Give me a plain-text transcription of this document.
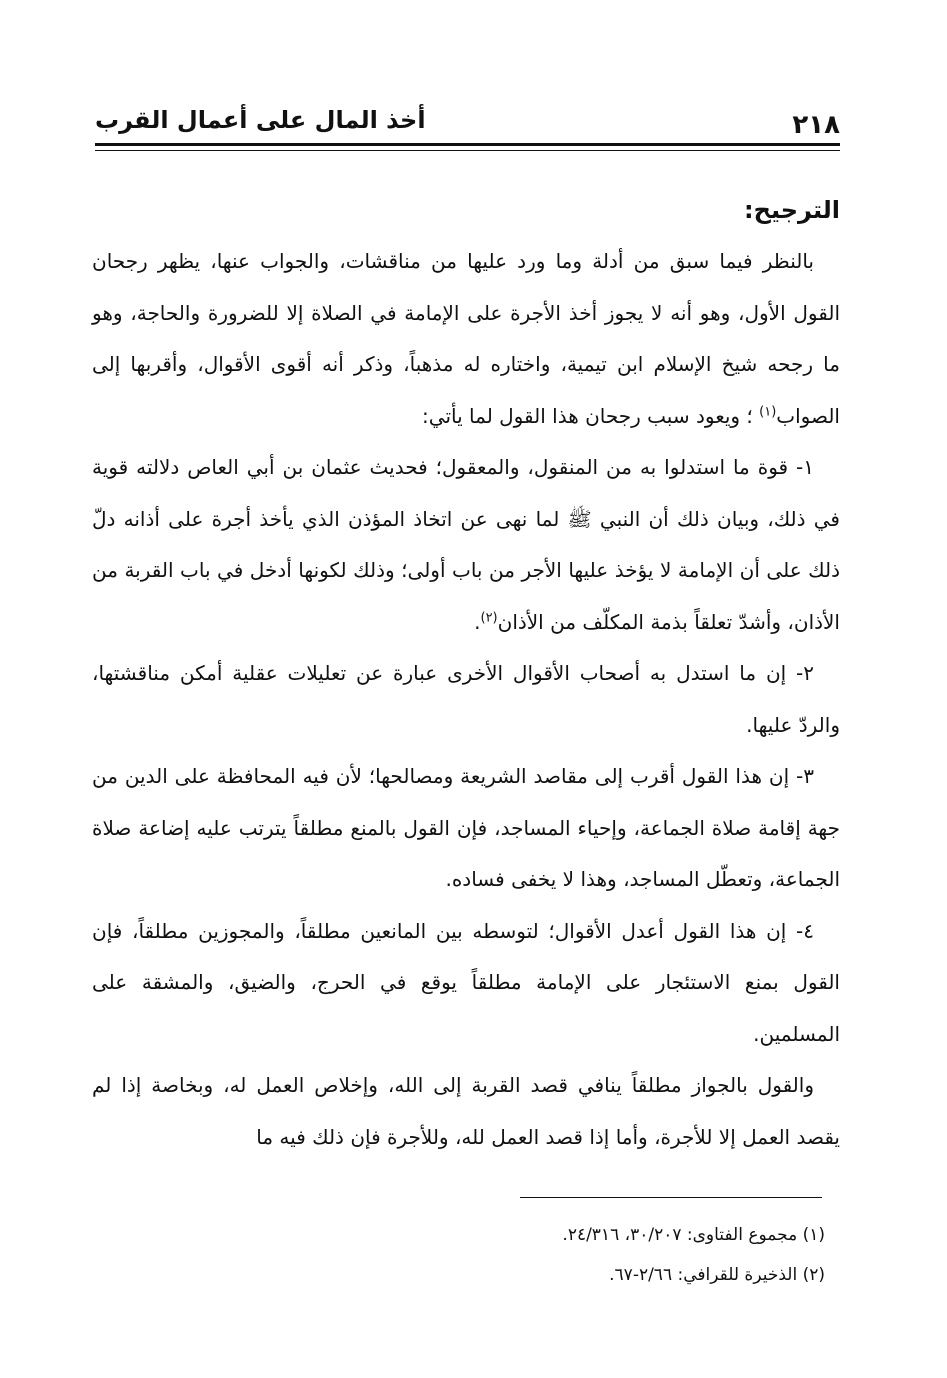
٢١٨
أخذ المال على أعمال القرب

الترجيح:

بالنظر فيما سبق من أدلة وما ورد عليها من مناقشات، والجواب عنها، يظهر رجحان القول الأول، وهو أنه لا يجوز أخذ الأجرة على الإمامة في الصلاة إلا للضرورة والحاجة، وهو ما رجحه شيخ الإسلام ابن تيمية، واختاره له مذهباً، وذكر أنه أقوى الأقوال، وأقربها إلى الصواب$^{(١)}$ ؛ ويعود سبب رجحان هذا القول لما يأتي:

١- قوة ما استدلوا به من المنقول، والمعقول؛ فحديث عثمان بن أبي العاص دلالته قوية في ذلك، وبيان ذلك أن النبي ﷺ لما نهى عن اتخاذ المؤذن الذي يأخذ أجرة على أذانه دلّ ذلك على أن الإمامة لا يؤخذ عليها الأجر من باب أولى؛ وذلك لكونها أدخل في باب القربة من الأذان، وأشدّ تعلقاً بذمة المكلّف من الأذان$^{(٢)}$.

٢- إن ما استدل به أصحاب الأقوال الأخرى عبارة عن تعليلات عقلية أمكن مناقشتها، والردّ عليها.

٣- إن هذا القول أقرب إلى مقاصد الشريعة ومصالحها؛ لأن فيه المحافظة على الدين من جهة إقامة صلاة الجماعة، وإحياء المساجد، فإن القول بالمنع مطلقاً يترتب عليه إضاعة صلاة الجماعة، وتعطّل المساجد، وهذا لا يخفى فساده.

٤- إن هذا القول أعدل الأقوال؛ لتوسطه بين المانعين مطلقاً، والمجوزين مطلقاً، فإن القول بمنع الاستئجار على الإمامة مطلقاً يوقع في الحرج، والضيق، والمشقة على المسلمين.

والقول بالجواز مطلقاً ينافي قصد القربة إلى الله، وإخلاص العمل له، وبخاصة إذا لم يقصد العمل إلا للأجرة، وأما إذا قصد العمل لله، وللأجرة فإن ذلك فيه ما

(١) مجموع الفتاوى: ٣٠/٢٠٧، ٢٤/٣١٦.

(٢) الذخيرة للقرافي: ٢/٦٦-٦٧.
